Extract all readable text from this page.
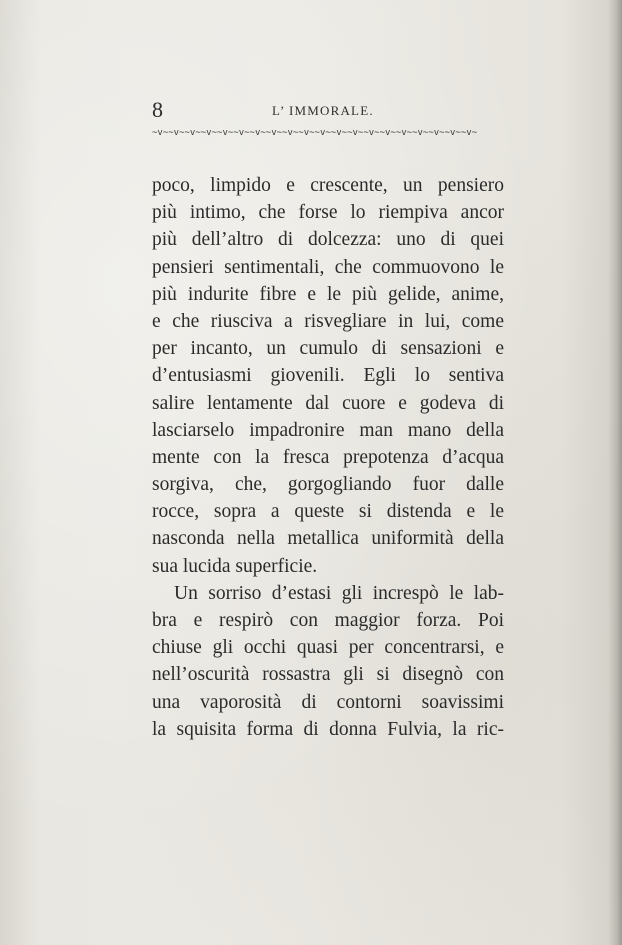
8	L’ IMMORALE.
~v~~v~~v~~v~~v~~v~~v~~v~~v~~v~~v~~v~~v~~v~~v~~v~~v~~v~~v~~v~
poco, limpido e crescente, un pensiero
più intimo, che forse lo riempiva ancor
più dell’altro di dolcezza: uno di quei
pensieri sentimentali, che commuovono le
più indurite fibre e le più gelide, anime,
e che riusciva a risvegliare in lui, come
per incanto, un cumulo di sensazioni e
d’entusiasmi giovenili. Egli lo sentiva
salire lentamente dal cuore e godeva di
lasciarselo impadronire man mano della
mente con la fresca prepotenza d’acqua
sorgiva, che, gorgogliando fuor dalle
rocce, sopra a queste si distenda e le
nasconda nella metallica uniformità della
sua lucida superficie.
Un sorriso d’estasi gli increspò le lab-
bra e respirò con maggior forza. Poi
chiuse gli occhi quasi per concentrarsi, e
nell’oscurità rossastra gli si disegnò con
una vaporosità di contorni soavissimi
la squisita forma di donna Fulvia, la ric-
